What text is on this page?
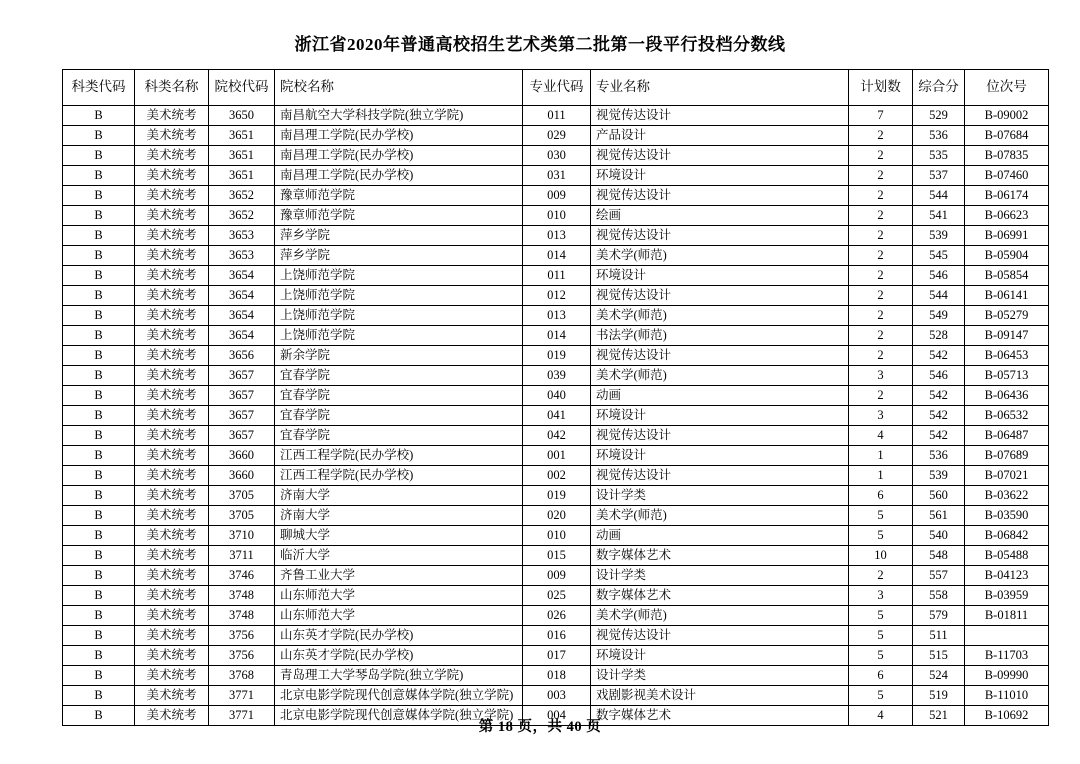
浙江省2020年普通高校招生艺术类第二批第一段平行投档分数线
科类代码	科类名称	院校代码	院校名称	专业代码	专业名称	计划数	综合分	位次号
B	美术统考	3650	南昌航空大学科技学院(独立学院)	011	视觉传达设计	7	529	B-09002
B	美术统考	3651	南昌理工学院(民办学校)	029	产品设计	2	536	B-07684
B	美术统考	3651	南昌理工学院(民办学校)	030	视觉传达设计	2	535	B-07835
B	美术统考	3651	南昌理工学院(民办学校)	031	环境设计	2	537	B-07460
B	美术统考	3652	豫章师范学院	009	视觉传达设计	2	544	B-06174
B	美术统考	3652	豫章师范学院	010	绘画	2	541	B-06623
B	美术统考	3653	萍乡学院	013	视觉传达设计	2	539	B-06991
B	美术统考	3653	萍乡学院	014	美术学(师范)	2	545	B-05904
B	美术统考	3654	上饶师范学院	011	环境设计	2	546	B-05854
B	美术统考	3654	上饶师范学院	012	视觉传达设计	2	544	B-06141
B	美术统考	3654	上饶师范学院	013	美术学(师范)	2	549	B-05279
B	美术统考	3654	上饶师范学院	014	书法学(师范)	2	528	B-09147
B	美术统考	3656	新余学院	019	视觉传达设计	2	542	B-06453
B	美术统考	3657	宜春学院	039	美术学(师范)	3	546	B-05713
B	美术统考	3657	宜春学院	040	动画	2	542	B-06436
B	美术统考	3657	宜春学院	041	环境设计	3	542	B-06532
B	美术统考	3657	宜春学院	042	视觉传达设计	4	542	B-06487
B	美术统考	3660	江西工程学院(民办学校)	001	环境设计	1	536	B-07689
B	美术统考	3660	江西工程学院(民办学校)	002	视觉传达设计	1	539	B-07021
B	美术统考	3705	济南大学	019	设计学类	6	560	B-03622
B	美术统考	3705	济南大学	020	美术学(师范)	5	561	B-03590
B	美术统考	3710	聊城大学	010	动画	5	540	B-06842
B	美术统考	3711	临沂大学	015	数字媒体艺术	10	548	B-05488
B	美术统考	3746	齐鲁工业大学	009	设计学类	2	557	B-04123
B	美术统考	3748	山东师范大学	025	数字媒体艺术	3	558	B-03959
B	美术统考	3748	山东师范大学	026	美术学(师范)	5	579	B-01811
B	美术统考	3756	山东英才学院(民办学校)	016	视觉传达设计	5	511	
B	美术统考	3756	山东英才学院(民办学校)	017	环境设计	5	515	B-11703
B	美术统考	3768	青岛理工大学琴岛学院(独立学院)	018	设计学类	6	524	B-09990
B	美术统考	3771	北京电影学院现代创意媒体学院(独立学院)	003	戏剧影视美术设计	5	519	B-11010
B	美术统考	3771	北京电影学院现代创意媒体学院(独立学院)	004	数字媒体艺术	4	521	B-10692
第 18 页，共 40 页
